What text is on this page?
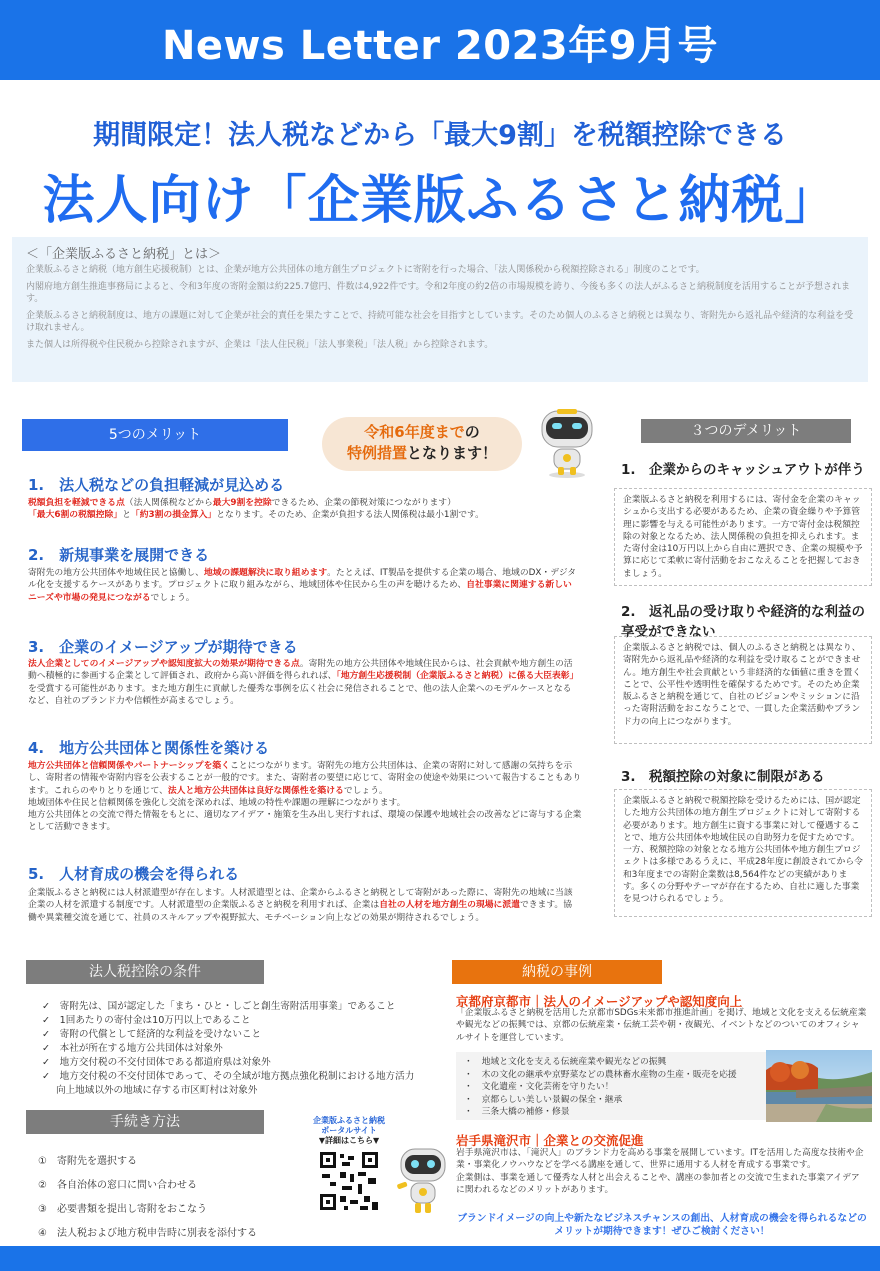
News Letter 2023年9月号
期間限定！法人税などから「最大9割」を税額控除できる
法人向け「企業版ふるさと納税」
＜「企業版ふるさと納税」とは＞

企業版ふるさと納税（地方創生応援税制）とは、企業が地方公共団体の地方創生プロジェクトに寄附を行った場合、「法人関係税から税額控除される」制度のことです。

内閣府地方創生推進事務局によると、令和3年度の寄附金額は約225.7億円、件数は4,922件です。令和2年度の約2倍の市場規模を誇り、今後も多くの法人がふるさと納税制度を活用することが予想されます。

企業版ふるさと納税制度は、地方の課題に対して企業が社会的責任を果たすことで、持続可能な社会を目指すとしています。そのため個人のふるさと納税とは異なり、寄附先から返礼品や経済的な利益を受け取れません。

また個人は所得税や住民税から控除されますが、企業は「法人住民税」「法人事業税」「法人税」から控除されます。

5つのメリット	令和6年度までの
特例措置となります！
1.　法人税などの負担軽減が見込める
税額負担を軽減できる点（法人関係税などから最大9割を控除できるため、企業の節税対策につながります）
「最大6割の税額控除」と「約3割の損金算入」となります。そのため、企業が負担する法人関係税は最小1割です。
2.　新規事業を展開できる
寄附先の地方公共団体や地域住民と協働し、地域の課題解決に取り組めます。たとえば、IT製品を提供する企業の場合、地域のDX・デジタル化を支援するケースがあります。プロジェクトに取り組みながら、地域団体や住民から生の声を聴けるため、自社事業に関連する新しいニーズや市場の発見につながるでしょう。
3.　企業のイメージアップが期待できる
法人企業としてのイメージアップや認知度拡大の効果が期待できる点。寄附先の地方公共団体や地域住民からは、社会貢献や地方創生の活動へ積極的に参画する企業として評価され、政府から高い評価を得られれば、「地方創生応援税制（企業版ふるさと納税）に係る大臣表彰」を受賞する可能性があります。また地方創生に貢献した優秀な事例を広く社会に発信されることで、他の法人企業へのモデルケースとなるなど、自社のブランド力や信頼性が高まるでしょう。
4.　地方公共団体と関係性を築ける
地方公共団体と信頼関係やパートナーシップを築くことにつながります。寄附先の地方公共団体は、企業の寄附に対して感謝の気持ちを示し、寄附者の情報や寄附内容を公表することが一般的です。また、寄附者の要望に応じて、寄附金の使途や効果について報告することもあります。これらのやりとりを通じて、法人と地方公共団体は良好な関係性を築けるでしょう。
地域団体や住民と信頼関係を強化し交流を深めれば、地域の特性や課題の理解につながります。
地方公共団体との交流で得た情報をもとに、適切なアイデア・施策を生み出し実行すれば、環境の保護や地域社会の改善などに寄与する企業として活動できます。
5.　人材育成の機会を得られる
企業版ふるさと納税には人材派遣型が存在します。人材派遣型とは、企業からふるさと納税として寄附があった際に、寄附先の地域に当該企業の人材を派遣する制度です。人材派遣型の企業版ふるさと納税を利用すれば、企業は自社の人材を地方創生の現場に派遣できます。協働や異業種交流を通じて、社員のスキルアップや視野拡大、モチベーション向上などの効果が期待されるでしょう。
３つのデメリット
1.　企業からのキャッシュアウトが伴う
企業版ふるさと納税を利用するには、寄付金を企業のキャッシュから支出する必要があるため、企業の資金繰りや予算管理に影響を与える可能性があります。一方で寄付金は税額控除の対象となるため、法人関係税の負担を抑えられます。また寄付金は10万円以上から自由に選択でき、企業の規模や予算に応じて柔軟に寄付活動をおこなえることを把握しておきましょう。
2.　返礼品の受け取りや経済的な利益の享受ができない
企業版ふるさと納税では、個人のふるさと納税とは異なり、寄附先から返礼品や経済的な利益を受け取ることができません。地方創生や社会貢献という非経済的な価値に重きを置くことで、公平性や透明性を確保するためです。そのため企業版ふるさと納税を通じて、自社のビジョンやミッションに沿った寄附活動をおこなうことで、一貫した企業活動やブランド力の向上につながります。
3.　税額控除の対象に制限がある
企業版ふるさと納税で税額控除を受けるためには、国が認定した地方公共団体の地方創生プロジェクトに対して寄附する必要があります。地方創生に資する事業に対して優遇することで、地方公共団体や地域住民の自助努力を促すためです。一方、税額控除の対象となる地方公共団体や地方創生プロジェクトは多様であるうえに、平成28年度に創設されてから令和3年度までの寄附企業数は8,564件などの実績があります。多くの分野やテーマが存在するため、自社に適した事業を見つけられるでしょう。
法人税控除の条件
✓　寄附先は、国が認定した「まち・ひと・しごと創生寄附活用事業」であること
✓　1回あたりの寄付金は10万円以上であること
✓　寄附の代償として経済的な利益を受けないこと
✓　本社が所在する地方公共団体は対象外
✓　地方交付税の不交付団体である都道府県は対象外
✓　地方交付税の不交付団体であって、その全域が地方拠点強化税制における地方活力向上地域以外の地域に存する市区町村は対象外
手続き方法
①　寄附先を選択する
②　各自治体の窓口に問い合わせる
③　必要書類を提出し寄附をおこなう
④　法人税および地方税申告時に別表を添付する
企業版ふるさと納税
ポータルサイト
▼詳細はこちら▼
納税の事例
京都府京都市｜法人のイメージアップや認知度向上
「企業版ふるさと納税を活用した京都市SDGs未来都市推進計画」を掲げ、地域と文化を支える伝統産業や観光などの振興では、京都の伝統産業・伝統工芸や朝・夜観光、イベントなどのついてのオフィシャルサイトを運営しています。
・　地域と文化を支える伝統産業や観光などの振興
・　木の文化の継承や京野菜などの農林畜水産物の生産・販売を応援
・　文化遺産・文化芸術を守りたい！
・　京都らしい美しい景観の保全・継承
・　三条大橋の補修・修景
岩手県滝沢市｜企業との交流促進
岩手県滝沢市は、「滝沢人」のブランド力を高める事業を展開しています。ITを活用した高度な技術や企業・事業化ノウハウなどを学べる講座を通して、世界に通用する人材を育成する事業です。
企業側は、事業を通して優秀な人材と出会えることや、講座の参加者との交流で生まれた事業アイデアに関われるなどのメリットがあります。
ブランドイメージの向上や新たなビジネスチャンスの創出、人材育成の機会を得られるなどのメリットが期待できます！ぜひご検討ください！
